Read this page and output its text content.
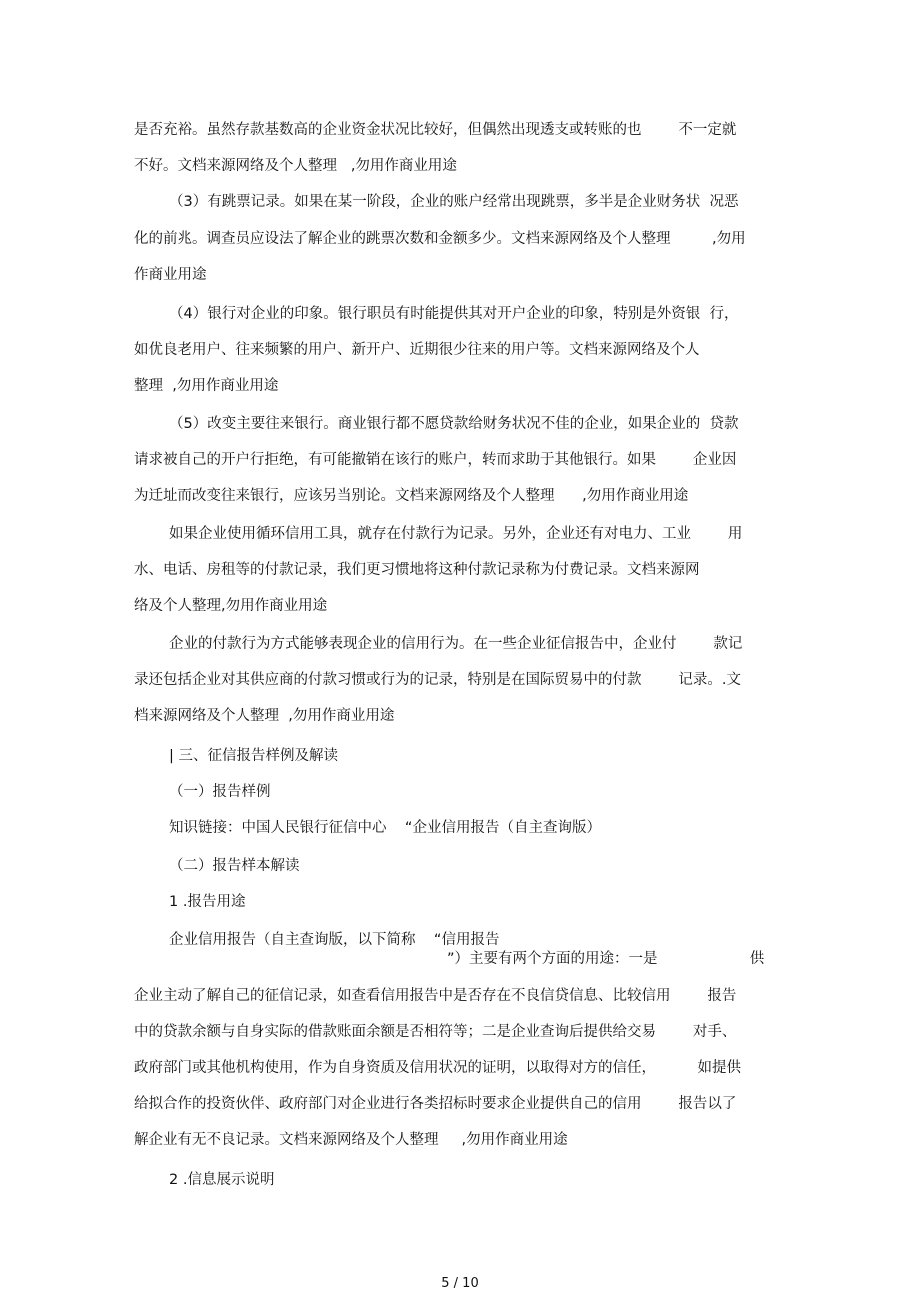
是否充裕。虽然存款基数高的企业资金状况比较好，但偶然出现透支或转账的也        不一定就
不好。文档来源网络及个人整理   ,勿用作商业用途
（3）有跳票记录。如果在某一阶段，企业的账户经常出现跳票，多半是企业财务状  况恶
化的前兆。调查员应设法了解企业的跳票次数和金额多少。文档来源网络及个人整理         ,勿用
作商业用途
（4）银行对企业的印象。银行职员有时能提供其对开户企业的印象，特别是外资银  行，
如优良老用户、往来频繁的用户、新开户、近期很少往来的用户等。文档来源网络及个人
整理  ,勿用作商业用途
（5）改变主要往来银行。商业银行都不愿贷款给财务状况不佳的企业，如果企业的  贷款
请求被自己的开户行拒绝，有可能撤销在该行的账户，转而求助于其他银行。如果        企业因
为迁址而改变往来银行，应该另当别论。文档来源网络及个人整理      ,勿用作商业用途
如果企业使用循环信用工具，就存在付款行为记录。另外，企业还有对电力、工业        用
水、电话、房租等的付款记录，我们更习惯地将这种付款记录称为付费记录。文档来源网
络及个人整理,勿用作商业用途
企业的付款行为方式能够表现企业的信用行为。在一些企业征信报告中，企业付        款记
录还包括企业对其供应商的付款习惯或行为的记录，特别是在国际贸易中的付款        记录。.文
档来源网络及个人整理  ,勿用作商业用途
| 三、征信报告样例及解读
（一）报告样例
知识链接：中国人民银行征信中心    “企业信用报告（自主查询版）
（二）报告样本解读
1 .报告用途
企业信用报告（自主查询版，以下简称    “信用报告
”）主要有两个方面的用途：一是                    供
企业主动了解自己的征信记录，如查看信用报告中是否存在不良信贷信息、比较信用        报告
中的贷款余额与自身实际的借款账面余额是否相符等；二是企业查询后提供给交易        对手、
政府部门或其他机构使用，作为自身资质及信用状况的证明，以取得对方的信任，         如提供
给拟合作的投资伙伴、政府部门对企业进行各类招标时要求企业提供自己的信用        报告以了
解企业有无不良记录。文档来源网络及个人整理     ,勿用作商业用途
2 .信息展示说明
5 / 10
